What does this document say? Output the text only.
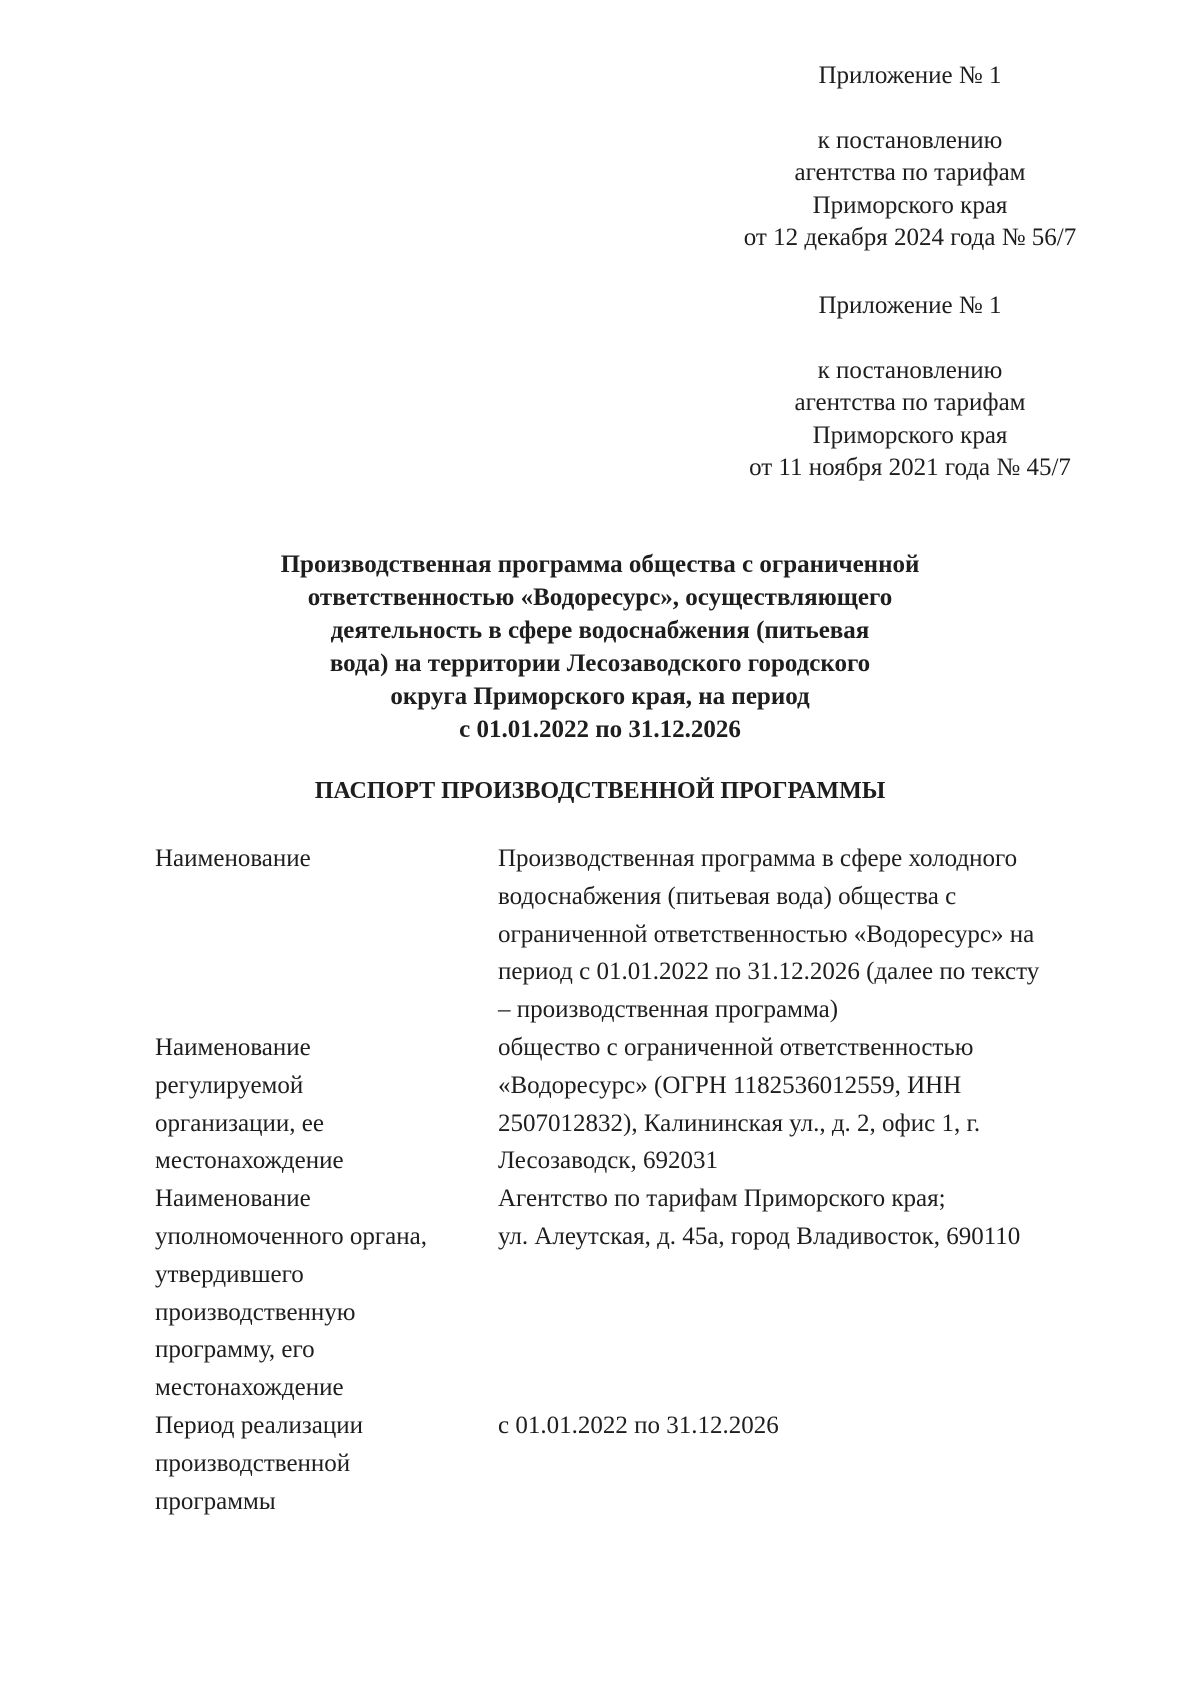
Приложение № 1
к постановлению
агентства по тарифам
Приморского края
от 12 декабря 2024 года № 56/7
Приложение № 1
к постановлению
агентства по тарифам
Приморского края
от 11 ноября 2021 года № 45/7
Производственная программа общества с ограниченной
ответственностью «Водоресурс», осуществляющего
деятельность в сфере водоснабжения (питьевая
вода) на территории Лесозаводского городского
округа Приморского края, на период
с 01.01.2022 по 31.12.2026
ПАСПОРТ ПРОИЗВОДСТВЕННОЙ ПРОГРАММЫ
Наименование	Производственная программа в сфере холодного
водоснабжения (питьевая вода) общества с
ограниченной ответственностью «Водоресурс» на
период с 01.01.2022 по 31.12.2026 (далее по тексту
– производственная программа)
Наименование
регулируемой
организации, ее
местонахождение
общество с ограниченной ответственностью
«Водоресурс» (ОГРН 1182536012559, ИНН
2507012832), Калининская ул., д. 2, офис 1, г.
Лесозаводск, 692031
Наименование
уполномоченного органа,
утвердившего
производственную
программу, его
местонахождение
Агентство по тарифам Приморского края;
ул. Алеутская, д. 45а, город Владивосток, 690110
Период реализации
производственной
программы
с 01.01.2022 по 31.12.2026
